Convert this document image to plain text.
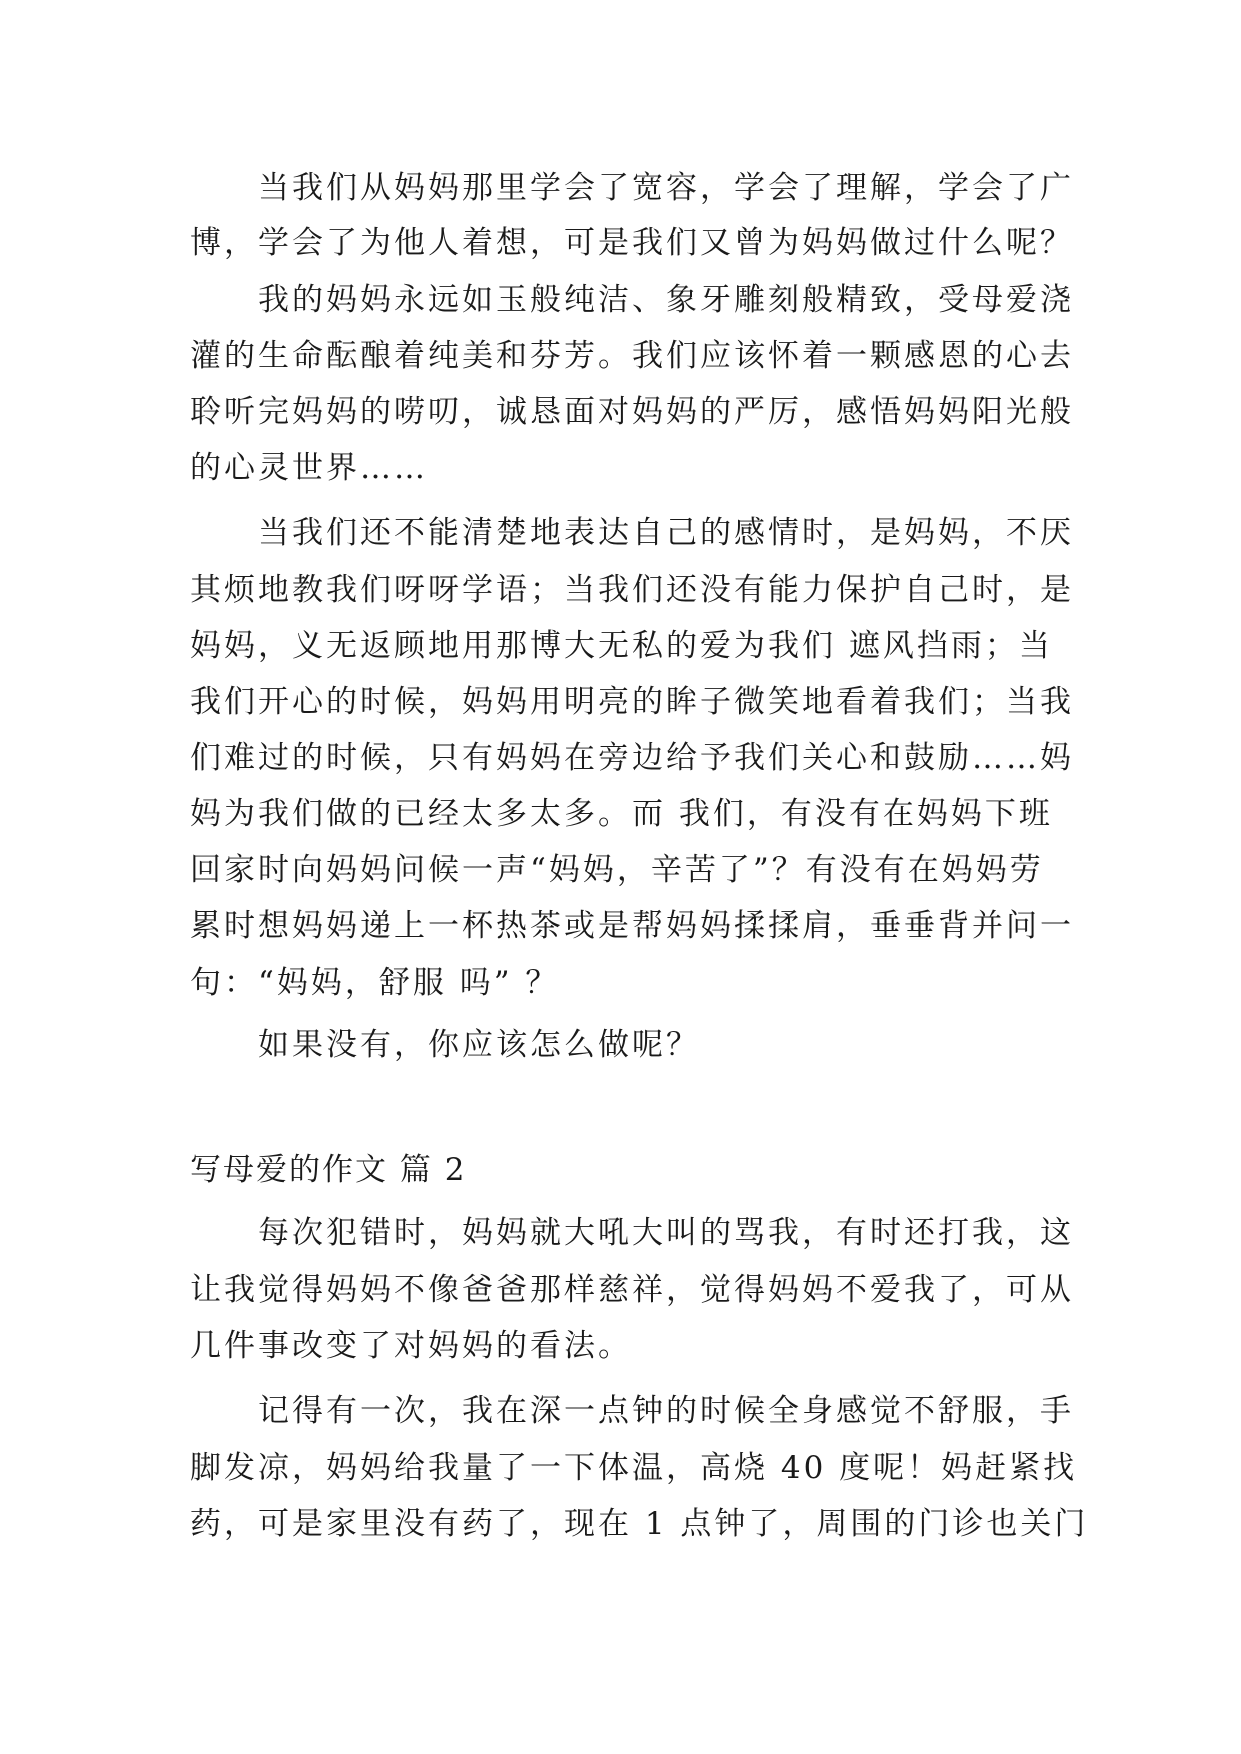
当我们从妈妈那里学会了宽容，学会了理解，学会了广
博，学会了为他人着想，可是我们又曾为妈妈做过什么呢？
我的妈妈永远如玉般纯洁、象牙雕刻般精致，受母爱浇
灌的生命酝酿着纯美和芬芳。我们应该怀着一颗感恩的心去
聆听完妈妈的唠叨，诚恳面对妈妈的严厉，感悟妈妈阳光般
的心灵世界……
当我们还不能清楚地表达自己的感情时，是妈妈，不厌
其烦地教我们呀呀学语；当我们还没有能力保护自己时，是
妈妈，义无返顾地用那博大无私的爱为我们 遮风挡雨；当
我们开心的时候，妈妈用明亮的眸子微笑地看着我们；当我
们难过的时候，只有妈妈在旁边给予我们关心和鼓励……妈
妈为我们做的已经太多太多。而 我们，有没有在妈妈下班
回家时向妈妈问候一声“妈妈，辛苦了”？有没有在妈妈劳
累时想妈妈递上一杯热茶或是帮妈妈揉揉肩，垂垂背并问一
句：“妈妈，舒服 吗” ？
如果没有，你应该怎么做呢？
写母爱的作文 篇 2
每次犯错时，妈妈就大吼大叫的骂我，有时还打我，这
让我觉得妈妈不像爸爸那样慈祥，觉得妈妈不爱我了，可从
几件事改变了对妈妈的看法。
记得有一次，我在深一点钟的时候全身感觉不舒服，手
脚发凉，妈妈给我量了一下体温，高烧 40 度呢！妈赶紧找
药，可是家里没有药了，现在 1 点钟了，周围的门诊也关门
